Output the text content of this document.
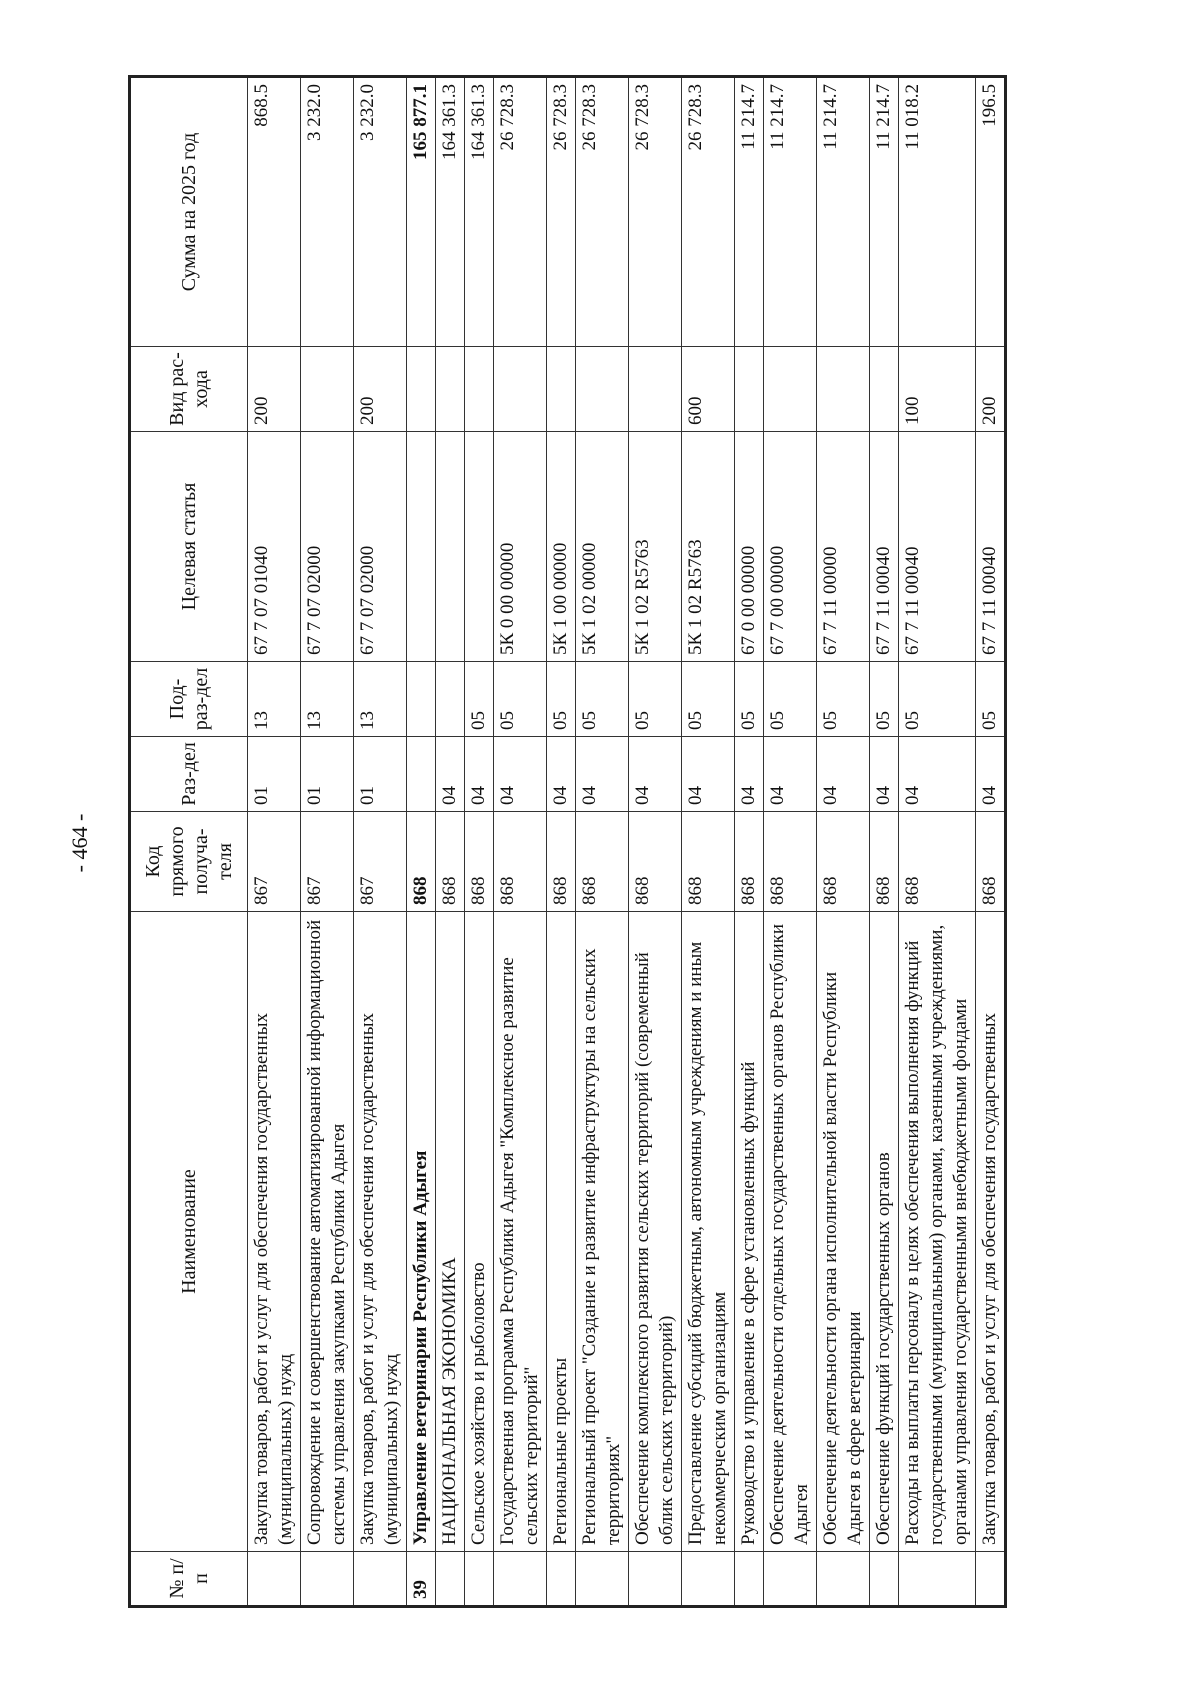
- 464 -
№ п/п	Наименование	Код прямого получа-теля	Раз-дел	Под-раз-дел	Целевая статья	Вид рас-хода	Сумма на 2025 год
	Закупка товаров, работ и услуг для обеспечения государственных (муниципальных) нужд	867	01	13	67 7 07 01040	200	868.5
	Сопровождение и совершенствование автоматизированной информационной системы управления закупками Республики Адыгея	867	01	13	67 7 07 02000		3 232.0
	Закупка товаров, работ и услуг для обеспечения государственных (муниципальных) нужд	867	01	13	67 7 07 02000	200	3 232.0
39	Управление ветеринарии Республики Адыгея	868					165 877.1
	НАЦИОНАЛЬНАЯ ЭКОНОМИКА	868	04				164 361.3
	Сельское хозяйство и рыболовство	868	04	05			164 361.3
	Государственная программа Республики Адыгея "Комплексное развитие сельских территорий"	868	04	05	5К 0 00 00000		26 728.3
	Региональные проекты	868	04	05	5К 1 00 00000		26 728.3
	Региональный проект "Создание и развитие инфраструктуры на сельских территориях"	868	04	05	5К 1 02 00000		26 728.3
	Обеспечение комплексного развития сельских территорий (современный облик сельских территорий)	868	04	05	5К 1 02 R5763		26 728.3
	Предоставление субсидий бюджетным, автономным учреждениям и иным некоммерческим организациям	868	04	05	5К 1 02 R5763	600	26 728.3
	Руководство и управление в сфере установленных функций	868	04	05	67 0 00 00000		11 214.7
	Обеспечение деятельности отдельных государственных органов Республики Адыгея	868	04	05	67 7 00 00000		11 214.7
	Обеспечение деятельности органа исполнительной власти Республики Адыгея в сфере ветеринарии	868	04	05	67 7 11 00000		11 214.7
	Обеспечение функций государственных органов	868	04	05	67 7 11 00040		11 214.7
	Расходы на выплаты персоналу в целях обеспечения выполнения функций государственными (муниципальными) органами, казенными учреждениями, органами управления государственными внебюджетными фондами	868	04	05	67 7 11 00040	100	11 018.2
	Закупка товаров, работ и услуг для обеспечения государственных	868	04	05	67 7 11 00040	200	196.5
